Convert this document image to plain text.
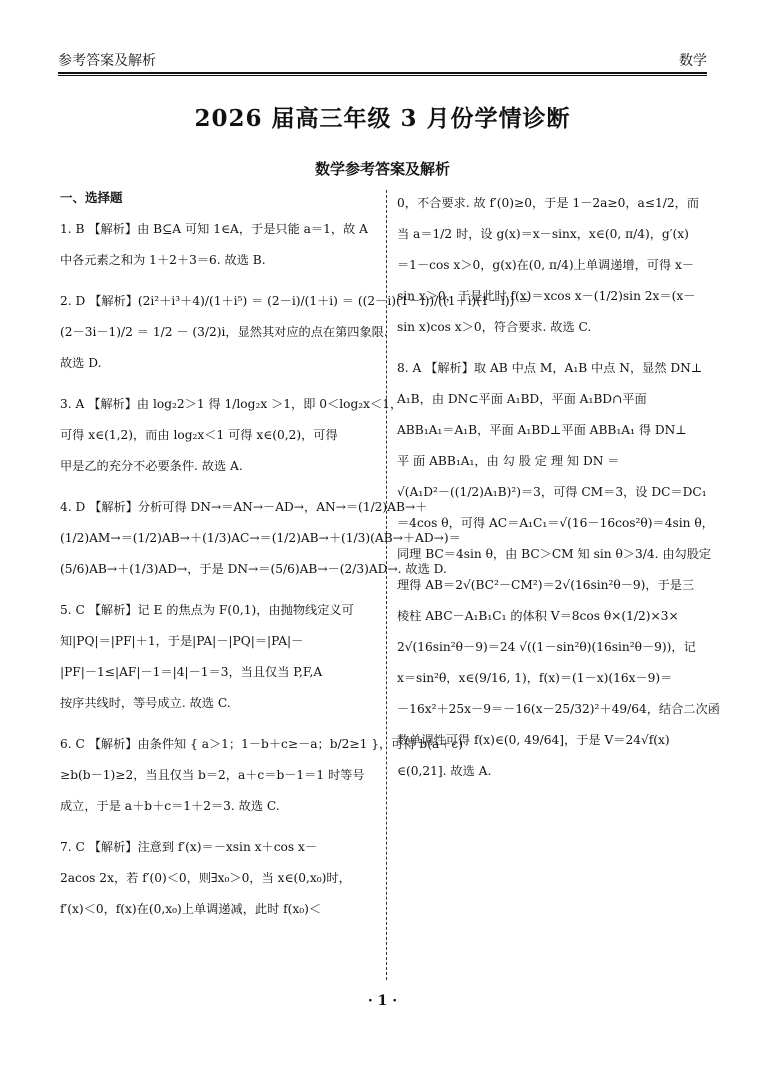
参考答案及解析	数学
2026 届高三年级 3 月份学情诊断
数学参考答案及解析
一、选择题
1. B 【解析】由 B⊆A 可知 1∈A，于是只能 a＝1，故 A
中各元素之和为 1＋2＋3＝6. 故选 B.
2. D 【解析】(2i²＋i³＋4)/(1＋i⁵) ＝ (2－i)/(1＋i) ＝ ((2－i)(1－i))/((1＋i)(1－i)) ＝
(2－3i－1)/2 ＝ 1/2 － (3/2)i，显然其对应的点在第四象限.
故选 D.
3. A 【解析】由 log₂2＞1 得 1/log₂x ＞1，即 0＜log₂x＜1，
可得 x∈(1,2)，而由 log₂x＜1 可得 x∈(0,2)，可得
甲是乙的充分不必要条件. 故选 A.
4. D 【解析】分析可得 DN→＝AN→－AD→，AN→＝(1/2)AB→＋
(1/2)AM→＝(1/2)AB→＋(1/3)AC→＝(1/2)AB→＋(1/3)(AB→＋AD→)＝
(5/6)AB→＋(1/3)AD→，于是 DN→＝(5/6)AB→－(2/3)AD→. 故选 D.
5. C 【解析】记 E 的焦点为 F(0,1)，由抛物线定义可
知|PQ|＝|PF|＋1，于是|PA|－|PQ|＝|PA|－
|PF|－1≤|AF|－1＝|4|－1＝3，当且仅当 P,F,A
按序共线时，等号成立. 故选 C.
6. C 【解析】由条件知 { a＞1；1－b＋c≥－a；b/2≥1 }，可得 b(a＋c)
≥b(b－1)≥2，当且仅当 b＝2，a＋c＝b－1＝1 时等号
成立，于是 a＋b＋c＝1＋2＝3. 故选 C.
7. C 【解析】注意到 f′(x)＝－xsin x＋cos x－
2acos 2x，若 f′(0)＜0，则∃x₀＞0，当 x∈(0,x₀)时，
f′(x)＜0，f(x)在(0,x₀)上单调递减，此时 f(x₀)＜
0，不合要求. 故 f′(0)≥0，于是 1－2a≥0，a≤1/2，而
当 a＝1/2 时，设 g(x)＝x－sinx，x∈(0, π/4)，g′(x)
＝1－cos x＞0，g(x)在(0, π/4)上单调递增，可得 x－
sin x＞0，于是此时 f(x)＝xcos x－(1/2)sin 2x＝(x－
sin x)cos x＞0，符合要求. 故选 C.
8. A 【解析】取 AB 中点 M，A₁B 中点 N，显然 DN⊥
A₁B，由 DN⊂平面 A₁BD，平面 A₁BD∩平面
ABB₁A₁＝A₁B，平面 A₁BD⊥平面 ABB₁A₁ 得 DN⊥
平 面 ABB₁A₁，由 勾 股 定 理 知 DN ＝
√(A₁D²－((1/2)A₁B)²)＝3，可得 CM＝3，设 DC＝DC₁
＝4cos θ，可得 AC＝A₁C₁＝√(16－16cos²θ)＝4sin θ，
同理 BC＝4sin θ，由 BC＞CM 知 sin θ＞3/4. 由勾股定
理得 AB＝2√(BC²－CM²)＝2√(16sin²θ－9)，于是三
棱柱 ABC－A₁B₁C₁ 的体积 V＝8cos θ×(1/2)×3×
2√(16sin²θ－9)＝24 √((1－sin²θ)(16sin²θ－9))，记
x＝sin²θ，x∈(9/16, 1)，f(x)＝(1－x)(16x－9)＝
－16x²＋25x－9＝－16(x－25/32)²＋49/64，结合二次函
数单调性可得 f(x)∈(0, 49/64]，于是 V＝24√f(x)
∈(0,21]. 故选 A.
· 1 ·
